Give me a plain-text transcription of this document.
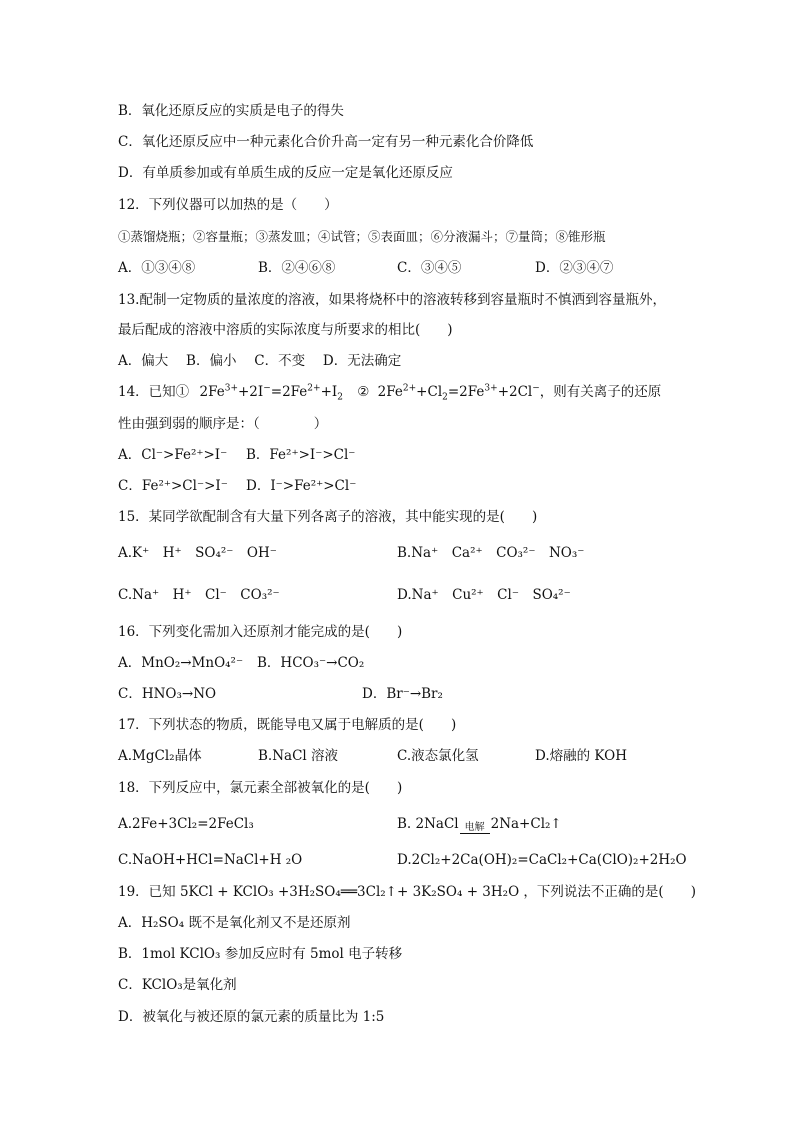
B．氧化还原反应的实质是电子的得失
C．氧化还原反应中一种元素化合价升高一定有另一种元素化合价降低
D．有单质参加或有单质生成的反应一定是氧化还原反应
12．下列仪器可以加热的是（　　）
①蒸馏烧瓶；②容量瓶；③蒸发皿；④试管；⑤表面皿；⑥分液漏斗；⑦量筒；⑧锥形瓶
A．①③④⑧	B．②④⑥⑧	C．③④⑤	D．②③④⑦
13.配制一定物质的量浓度的溶液，如果将烧杯中的溶液转移到容量瓶时不慎洒到容量瓶外，
最后配成的溶液中溶质的实际浓度与所要求的相比(　　)
A．偏大　 B．偏小　 C．不变　 D．无法确定
14．已知① $2Fe^{3+}+2I^-=2Fe^{2+}+I_2$ ② $2Fe^{2+}+Cl_2=2Fe^{3+}+2Cl^-$，则有关离子的还原
性由强到弱的顺序是：（　　　　）
A．Cl⁻>Fe²⁺>I⁻ B．Fe²⁺>I⁻>Cl⁻
C．Fe²⁺>Cl⁻>I⁻ D．I⁻>Fe²⁺>Cl⁻
15．某同学欲配制含有大量下列各离子的溶液，其中能实现的是(　　)
A.K⁺　H⁺　SO₄²⁻　OH⁻	B.Na⁺　Ca²⁺　CO₃²⁻　NO₃⁻
C.Na⁺　H⁺　Cl⁻　CO₃²⁻	D.Na⁺　Cu²⁺　Cl⁻　SO₄²⁻
16．下列变化需加入还原剂才能完成的是(　　)
A．MnO₂→MnO₄²⁻ B．HCO₃⁻→CO₂
C．HNO₃→NO	D．Br⁻→Br₂
17．下列状态的物质，既能导电又属于电解质的是(　　)
A.MgCl₂晶体	B.NaCl 溶液	C.液态氯化氢	D.熔融的 KOH
18．下列反应中，氯元素全部被氧化的是(　　)
A.2Fe+3Cl₂=2FeCl₃	B. 2NaCl 电解 2Na+Cl₂↑
C.NaOH+HCl=NaCl+H ₂O	D.2Cl₂+2Ca(OH)₂=CaCl₂+Ca(ClO)₂+2H₂O
19．已知 5KCl + KClO₃ +3H₂SO₄══3Cl₂↑+ 3K₂SO₄ + 3H₂O ，下列说法不正确的是(　　)
A．H₂SO₄ 既不是氧化剂又不是还原剂
B．1mol KClO₃ 参加反应时有 5mol 电子转移
C．KClO₃是氧化剂
D．被氧化与被还原的氯元素的质量比为 1:5
